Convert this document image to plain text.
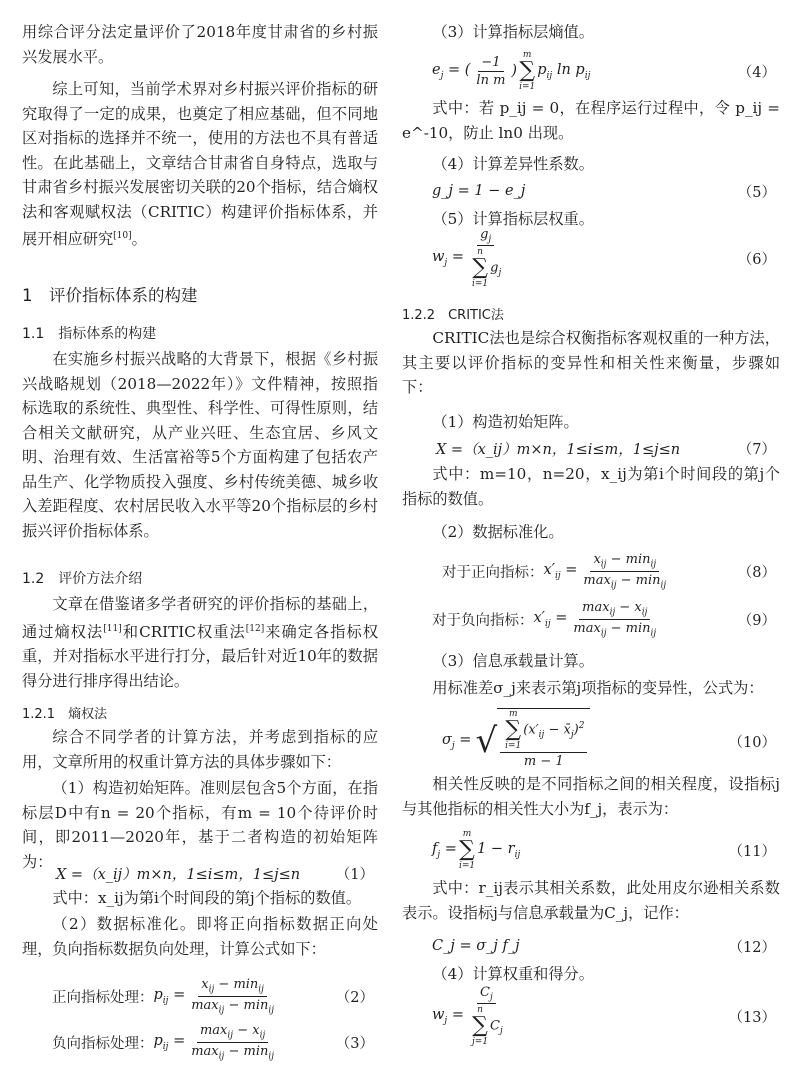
用综合评分法定量评价了2018年度甘肃省的乡村振兴发展水平。

综上可知，当前学术界对乡村振兴评价指标的研究取得了一定的成果，也奠定了相应基础，但不同地区对指标的选择并不统一，使用的方法也不具有普适性。在此基础上，文章结合甘肃省自身特点，选取与甘肃省乡村振兴发展密切关联的20个指标，结合熵权法和客观赋权法（CRITIC）构建评价指标体系，并展开相应研究[10]。

1　评价指标体系的构建

1.1　指标体系的构建

在实施乡村振兴战略的大背景下，根据《乡村振兴战略规划（2018—2022年）》文件精神，按照指标选取的系统性、典型性、科学性、可得性原则，结合相关文献研究，从产业兴旺、生态宜居、乡风文明、治理有效、生活富裕等5个方面构建了包括农产品生产、化学物质投入强度、乡村传统美德、城乡收入差距程度、农村居民收入水平等20个指标层的乡村振兴评价指标体系。

1.2　评价方法介绍

文章在借鉴诸多学者研究的评价指标的基础上，通过熵权法[11]和CRITIC权重法[12]来确定各指标权重，并对指标水平进行打分，最后针对近10年的数据得分进行排序得出结论。

1.2.1　熵权法

综合不同学者的计算方法，并考虑到指标的应用，文章所用的权重计算方法的具体步骤如下：

（1）构造初始矩阵。准则层包含5个方面，在指标层D中有n = 20个指标，有m = 10个待评价时间，即2011—2020年，基于二者构造的初始矩阵为：

X =（x_ij）m×n，1≤i≤m，1≤j≤n （1）

式中：x_ij为第i个时间段的第j个指标的数值。

（2）数据标准化。即将正向指标数据正向处理，负向指标数据负向处理，计算公式如下：

正向指标处理： $p_{ij} = \frac{x_{ij} - \min_{ij}}{\max_{ij} - \min_{ij}}$	（2）
负向指标处理： $p_{ij} = \frac{\max_{ij} - x_{ij}}{\max_{ij} - \min_{ij}}$	（3）

（3）计算指标层熵值。

$e_j$ = ( $\frac{-1}{\text{ln m}}$ )
m
∑
i=1
$p_{ij}$ $\ln p_{ij}$	（4）

式中：若 p_ij = 0，在程序运行过程中，令 p_ij = e^-10，防止 ln0 出现。

（4）计算差异性系数。

g_j = 1 − e_j	（5）

（5）计算指标层权重。

$w_j = g_j$
n
∑
i=1
$g_j$	（6）

1.2.2　CRITIC法

CRITIC法也是综合权衡指标客观权重的一种方法，其主要以评价指标的变异性和相关性来衡量，步骤如下：

（1）构造初始矩阵。

X =（x_ij）m×n，1≤i≤m，1≤j≤n	（7）

式中：m=10，n=20，x_ij为第i个时间段的第j个指标的数值。

（2）数据标准化。

对于正向指标： $x'_{ij} = \frac{x_{ij} - \min_{ij}}{\max_{ij} - \min_{ij}}$	（8）
对于负向指标： $x'_{ij} = \frac{\max_{ij} - x_{ij}}{\max_{ij} - \min_{ij}}$	（9）

（3）信息承载量计算。

用标准差σ_j来表示第j项指标的变异性，公式为：

$\sigma_j$ = √ m
∑
i=1
($x'_{ij}$ − $x̄_j)^2$
m − 1	（10）

相关性反映的是不同指标之间的相关程度，设指标j与其他指标的相关性大小为f_j，表示为：

$f_j$ =
m
∑
i=1
$1 - r_{ij}$	（11）

式中：r_ij表示其相关系数，此处用皮尔逊相关系数表示。设指标j与信息承载量为C_j，记作：

C_j = σ_j f_j	（12）

（4）计算权重和得分。

$w_j = C_j$
n
∑
j=1
$C_j$	（13）
